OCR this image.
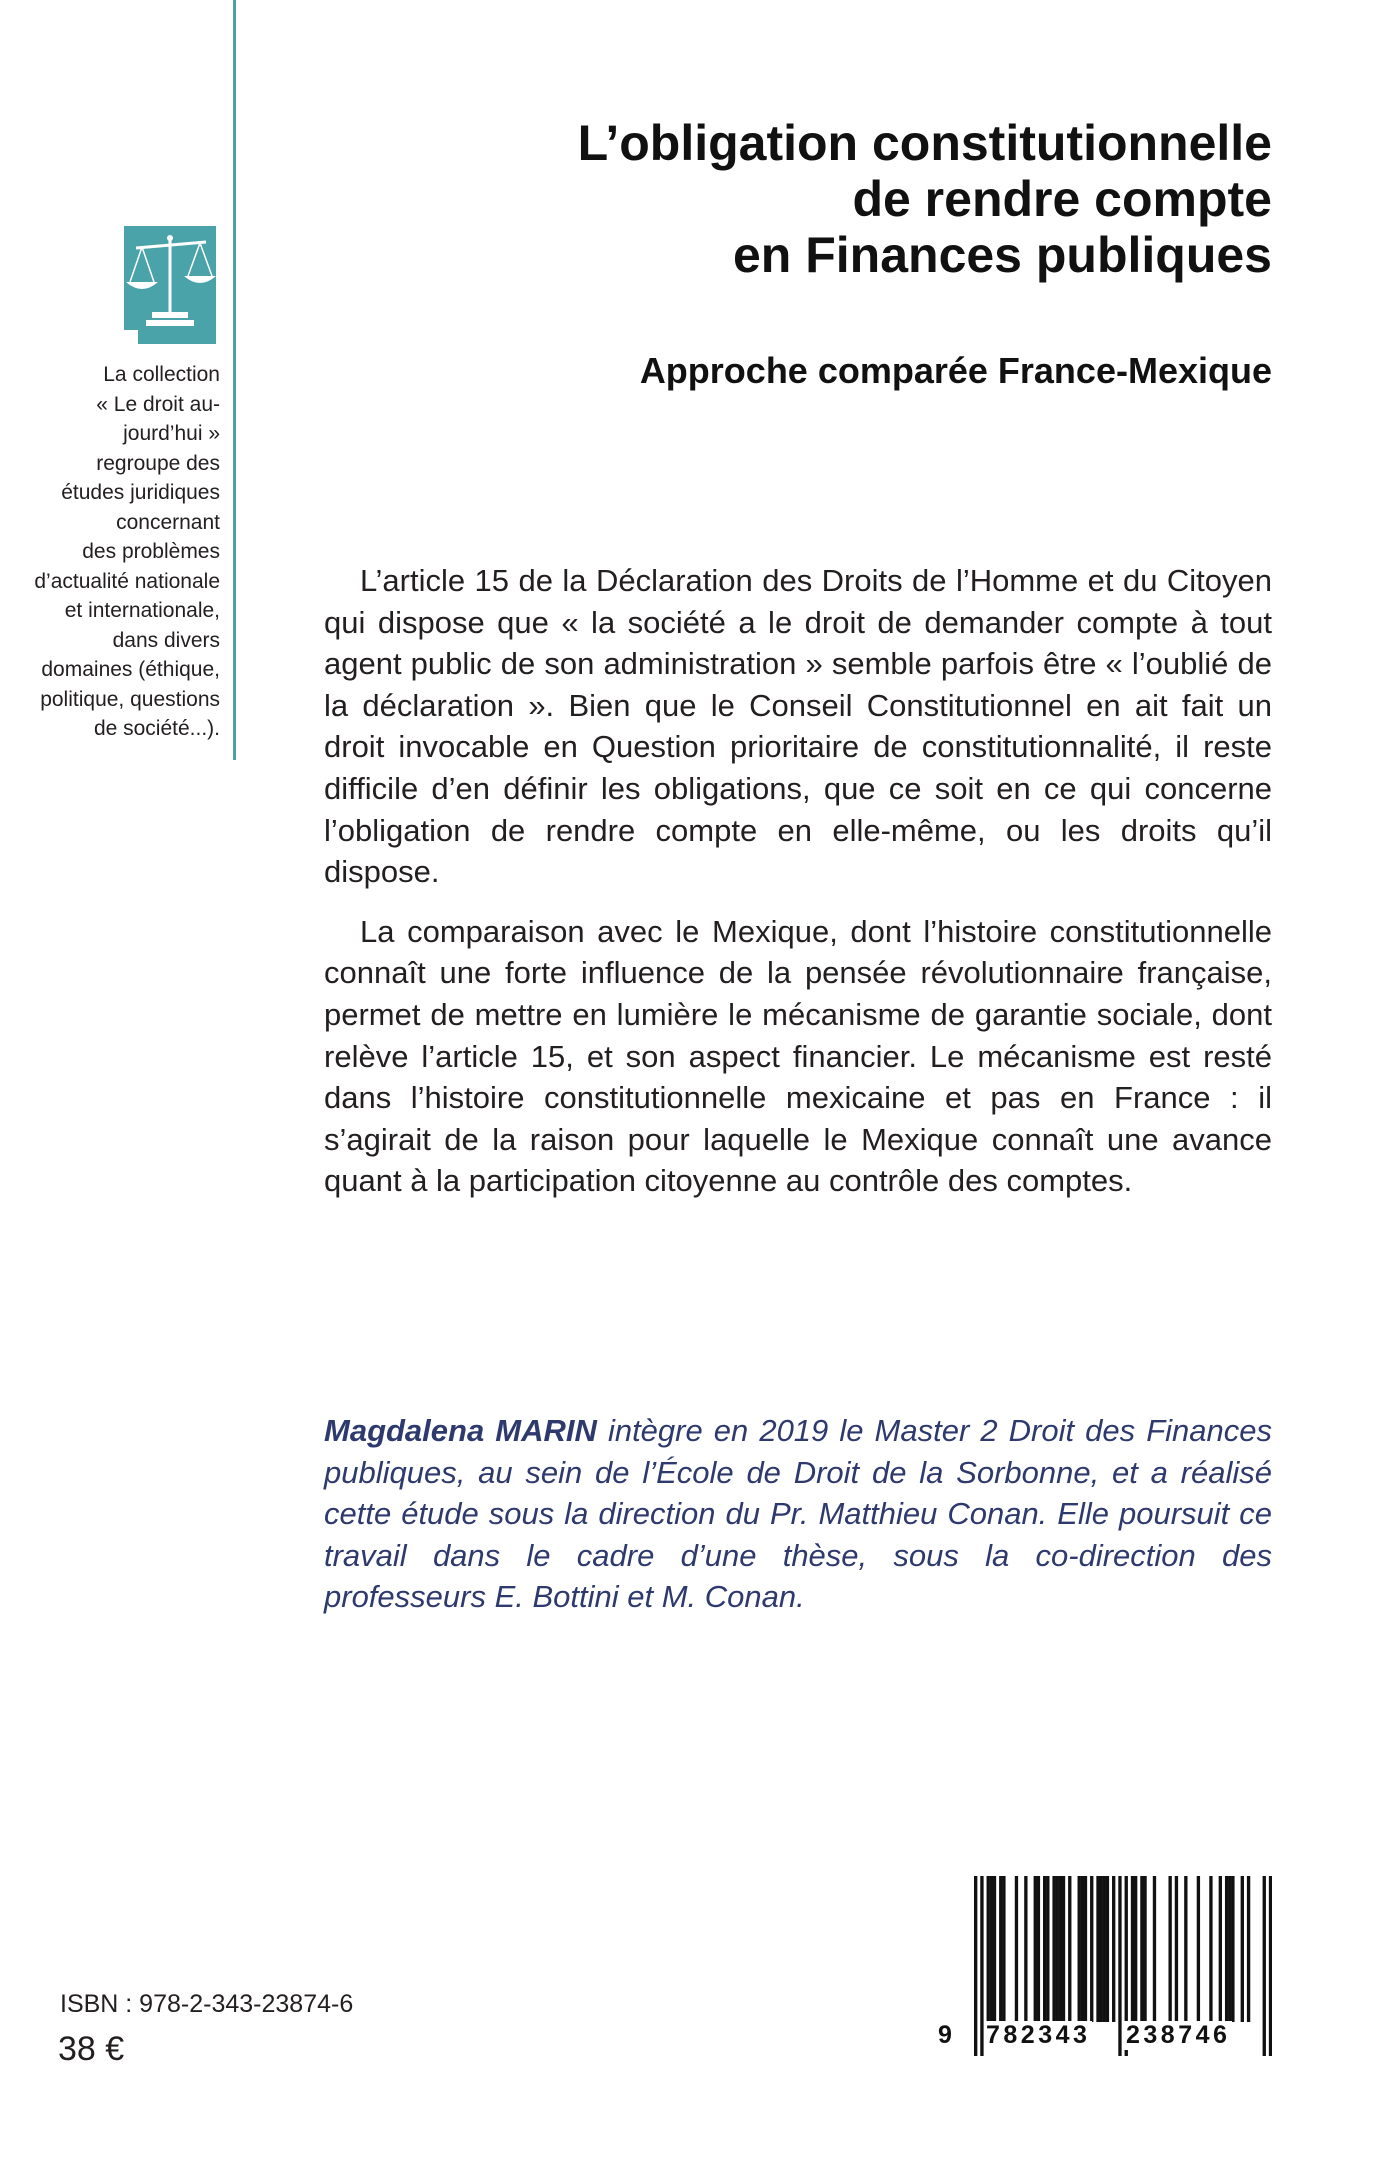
La collection
« Le droit au-
jourd’hui »
regroupe des
études juridiques
concernant
des problèmes
d’actualité nationale
et internationale,
dans divers
domaines (éthique,
politique, questions
de société...).
L’obligation constitutionnelle
de rendre compte
en Finances publiques
Approche comparée France-Mexique

L’article 15 de la Déclaration des Droits de l’Homme et du Citoyen qui dispose que « la société a le droit de demander compte à tout agent public de son administration » semble parfois être « l’oublié de la déclaration ». Bien que le Conseil Constitutionnel en ait fait un droit invocable en Question prioritaire de constitutionnalité, il reste difficile d’en définir les obligations, que ce soit en ce qui concerne l’obligation de rendre compte en elle-même, ou les droits qu’il dispose.

La comparaison avec le Mexique, dont l’histoire constitutionnelle connaît une forte influence de la pensée révolutionnaire française, permet de mettre en lumière le mécanisme de garantie sociale, dont relève l’article 15, et son aspect financier. Le mécanisme est resté dans l’histoire constitutionnelle mexicaine et pas en France : il s’agirait de la raison pour laquelle le Mexique connaît une avance quant à la participation citoyenne au contrôle des comptes.

Magdalena MARIN intègre en 2019 le Master 2 Droit des Finances publiques, au sein de l’École de Droit de la Sorbonne, et a réalisé cette étude sous la direction du Pr. Matthieu Conan. Elle poursuit ce travail dans le cadre d’une thèse, sous la co-direction des professeurs E. Bottini et M. Conan.
ISBN : 978-2-343-23874-6
38 €	9 782343 238746
